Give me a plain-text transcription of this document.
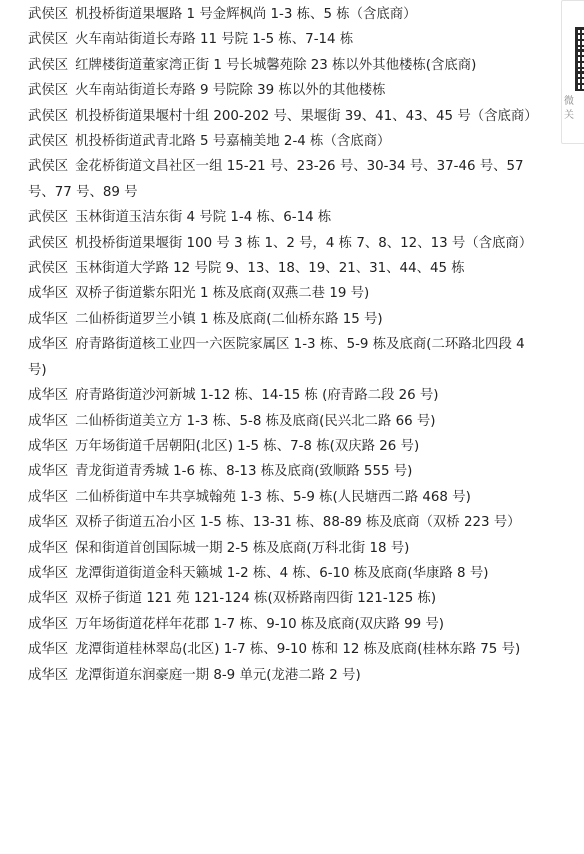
武侯区 机投桥街道果堰路 1 号金辉枫尚 1-3 栋、5 栋（含底商）
武侯区 火车南站街道长寿路 11 号院 1-5 栋、7-14 栋
武侯区 红牌楼街道董家湾正街 1 号长城馨苑除 23 栋以外其他楼栋(含底商)
武侯区 火车南站街道长寿路 9 号院除 39 栋以外的其他楼栋
武侯区 机投桥街道果堰村十组 200-202 号、果堰街 39、41、43、45 号（含底商）
武侯区 机投桥街道武青北路 5 号嘉楠美地 2-4 栋（含底商）
武侯区 金花桥街道文昌社区一组 15-21 号、23-26 号、30-34 号、37-46 号、57 号、77 号、89 号
武侯区 玉林街道玉洁东街 4 号院 1-4 栋、6-14 栋
武侯区 机投桥街道果堰街 100 号 3 栋 1、2 号，4 栋 7、8、12、13 号（含底商）
武侯区 玉林街道大学路 12 号院 9、13、18、19、21、31、44、45 栋
成华区 双桥子街道紫东阳光 1 栋及底商(双燕二巷 19 号)
成华区 二仙桥街道罗兰小镇 1 栋及底商(二仙桥东路 15 号)
成华区 府青路街道核工业四一六医院家属区 1-3 栋、5-9 栋及底商(二环路北四段 4 号)
成华区 府青路街道沙河新城 1-12 栋、14-15 栋 (府青路二段 26 号)
成华区 二仙桥街道美立方 1-3 栋、5-8 栋及底商(民兴北二路 66 号)
成华区 万年场街道千居朝阳(北区) 1-5 栋、7-8 栋(双庆路 26 号)
成华区 青龙街道青秀城 1-6 栋、8-13 栋及底商(致顺路 555 号)
成华区 二仙桥街道中车共享城翰苑 1-3 栋、5-9 栋(人民塘西二路 468 号)
成华区 双桥子街道五冶小区 1-5 栋、13-31 栋、88-89 栋及底商（双桥 223 号）
成华区 保和街道首创国际城一期 2-5 栋及底商(万科北街 18 号)
成华区 龙潭街道街道金科天籁城 1-2 栋、4 栋、6-10 栋及底商(华康路 8 号)
成华区 双桥子街道 121 苑 121-124 栋(双桥路南四街 121-125 栋)
成华区 万年场街道花样年花郡 1-7 栋、9-10 栋及底商(双庆路 99 号)
成华区 龙潭街道桂林翠岛(北区) 1-7 栋、9-10 栋和 12 栋及底商(桂林东路 75 号)
成华区 龙潭街道东润豪庭一期 8-9 单元(龙港二路 2 号)
微
关
